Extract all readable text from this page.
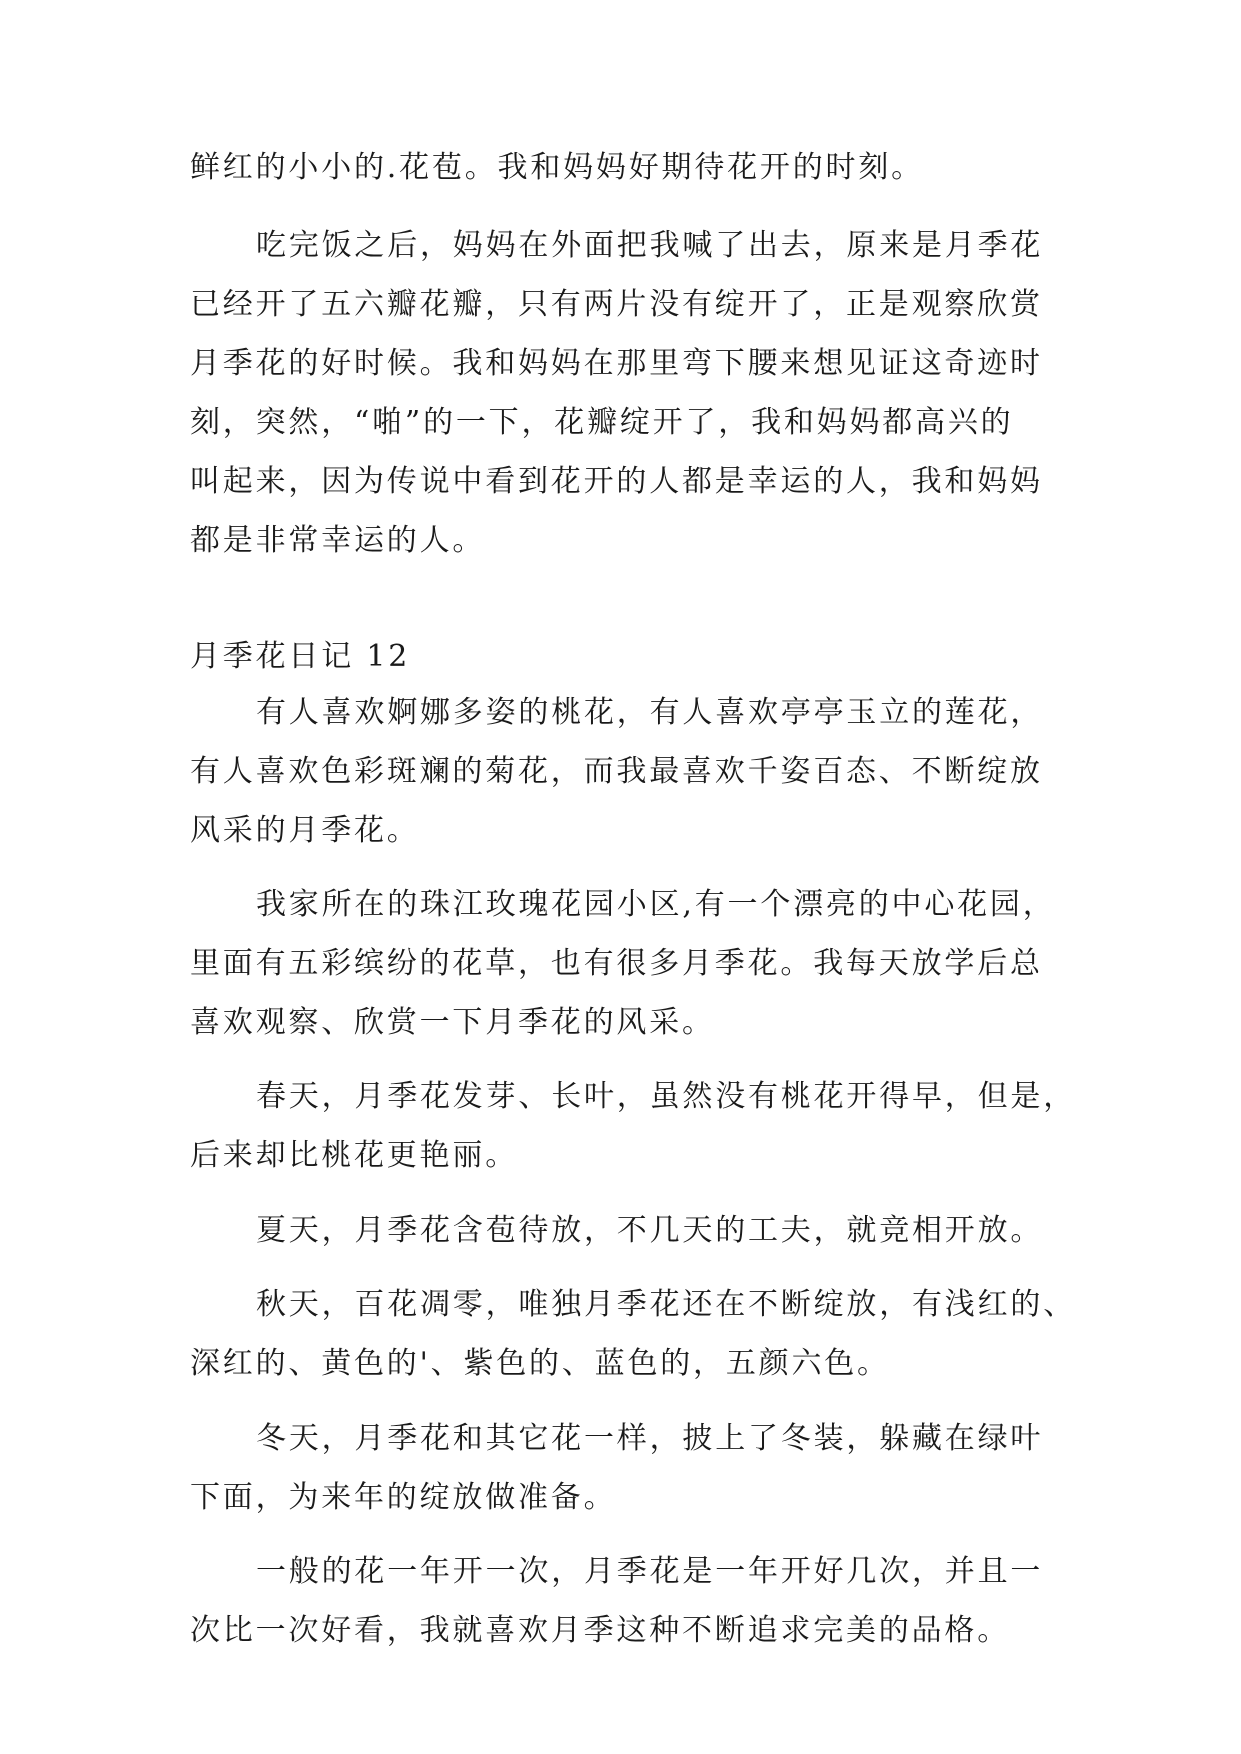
鲜红的小小的.花苞。我和妈妈好期待花开的时刻。
吃完饭之后，妈妈在外面把我喊了出去，原来是月季花
已经开了五六瓣花瓣，只有两片没有绽开了，正是观察欣赏
月季花的好时候。我和妈妈在那里弯下腰来想见证这奇迹时
刻，突然，“啪”的一下，花瓣绽开了，我和妈妈都高兴的
叫起来，因为传说中看到花开的人都是幸运的人，我和妈妈
都是非常幸运的人。
月季花日记 12
有人喜欢婀娜多姿的桃花，有人喜欢亭亭玉立的莲花，
有人喜欢色彩斑斓的菊花，而我最喜欢千姿百态、不断绽放
风采的月季花。
我家所在的珠江玫瑰花园小区,有一个漂亮的中心花园，
里面有五彩缤纷的花草，也有很多月季花。我每天放学后总
喜欢观察、欣赏一下月季花的风采。
春天，月季花发芽、长叶，虽然没有桃花开得早，但是，
后来却比桃花更艳丽。
夏天，月季花含苞待放，不几天的工夫，就竞相开放。
秋天，百花凋零，唯独月季花还在不断绽放，有浅红的、
深红的、黄色的'、紫色的、蓝色的，五颜六色。
冬天，月季花和其它花一样，披上了冬装，躲藏在绿叶
下面，为来年的绽放做准备。
一般的花一年开一次，月季花是一年开好几次，并且一
次比一次好看，我就喜欢月季这种不断追求完美的品格。
